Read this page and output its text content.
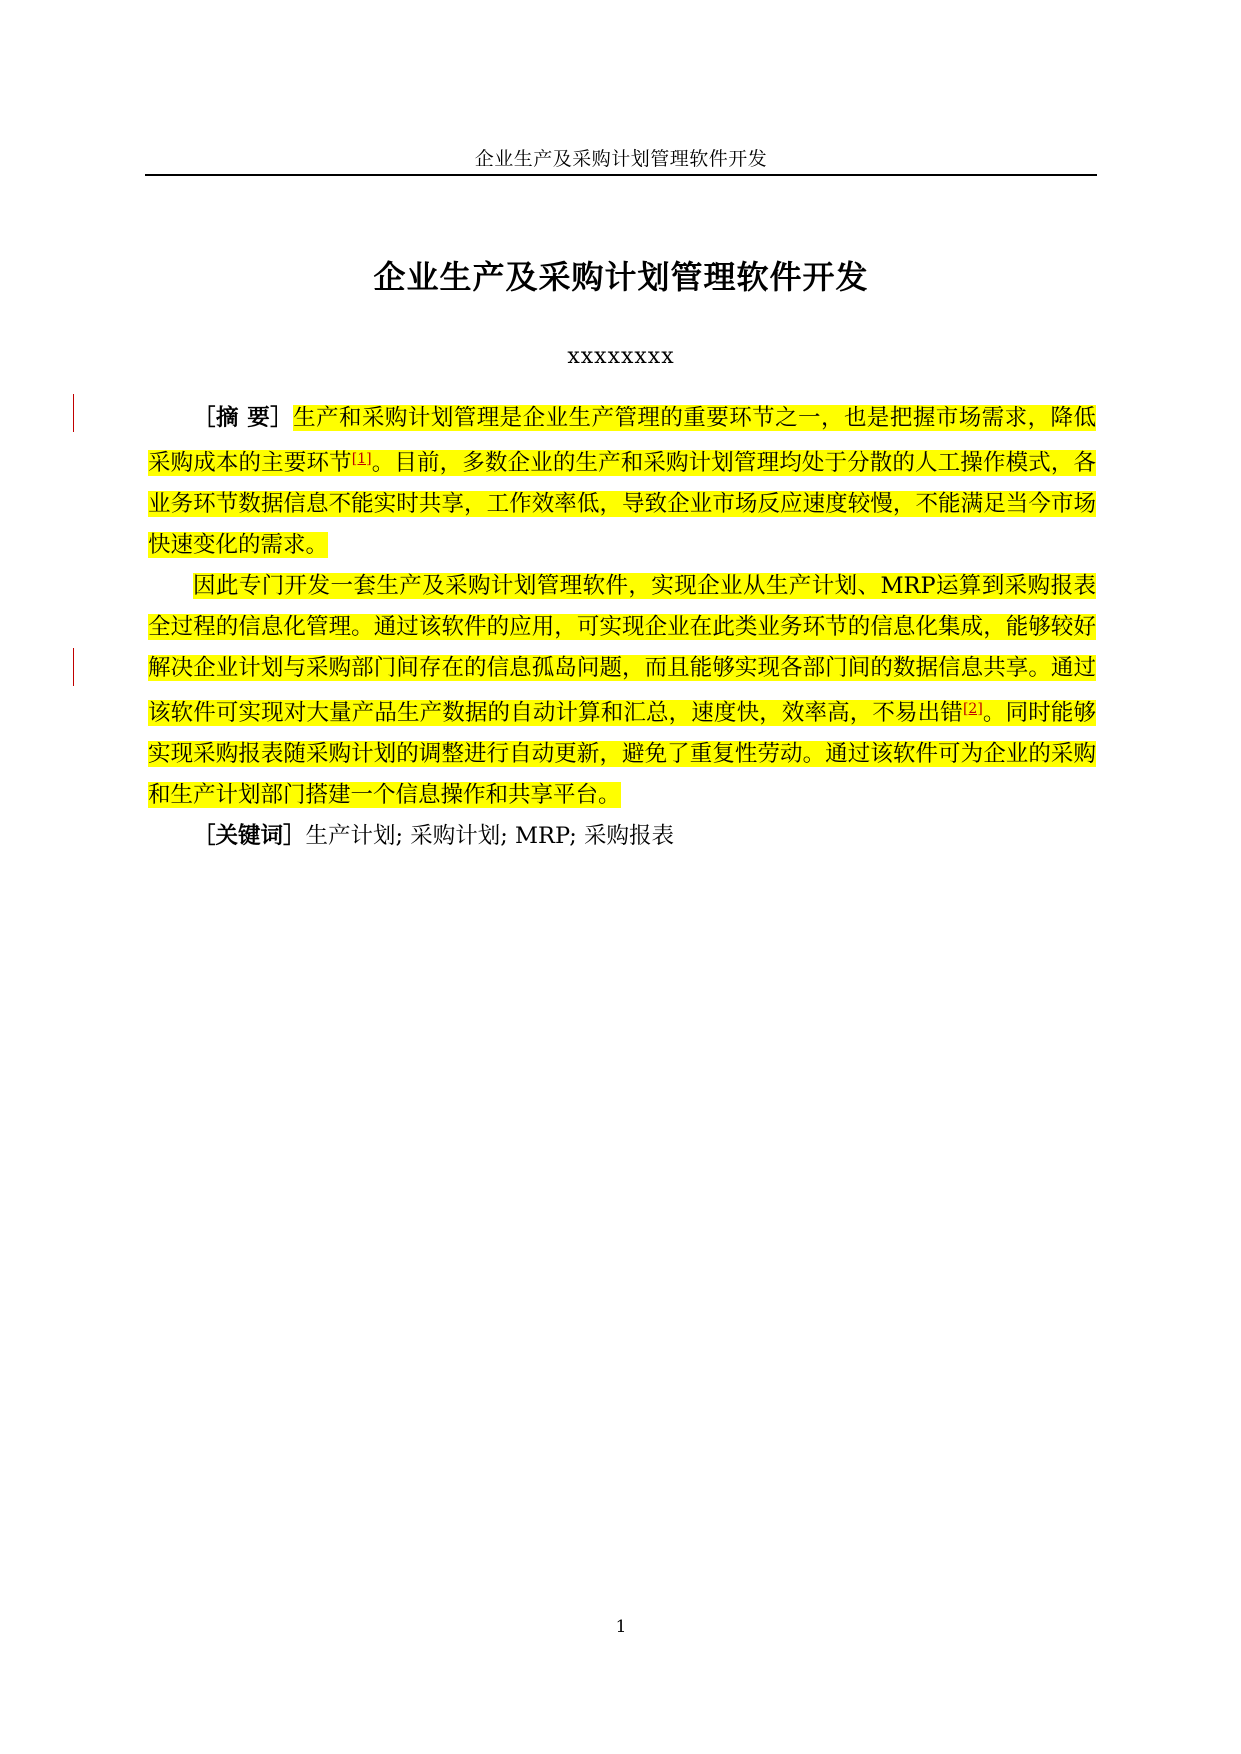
企业生产及采购计划管理软件开发
企业生产及采购计划管理软件开发
xxxxxxxx

［摘 要］生产和采购计划管理是企业生产管理的重要环节之一，也是把握市场需求，降低采购成本的主要环节[1]。目前，多数企业的生产和采购计划管理均处于分散的人工操作模式，各业务环节数据信息不能实时共享，工作效率低，导致企业市场反应速度较慢，不能满足当今市场快速变化的需求。

因此专门开发一套生产及采购计划管理软件，实现企业从生产计划、MRP运算到采购报表全过程的信息化管理。通过该软件的应用，可实现企业在此类业务环节的信息化集成，能够较好解决企业计划与采购部门间存在的信息孤岛问题，而且能够实现各部门间的数据信息共享。通过该软件可实现对大量产品生产数据的自动计算和汇总，速度快，效率高，不易出错[2]。同时能够实现采购报表随采购计划的调整进行自动更新，避免了重复性劳动。通过该软件可为企业的采购和生产计划部门搭建一个信息操作和共享平台。

［关键词］生产计划; 采购计划; MRP; 采购报表

1
